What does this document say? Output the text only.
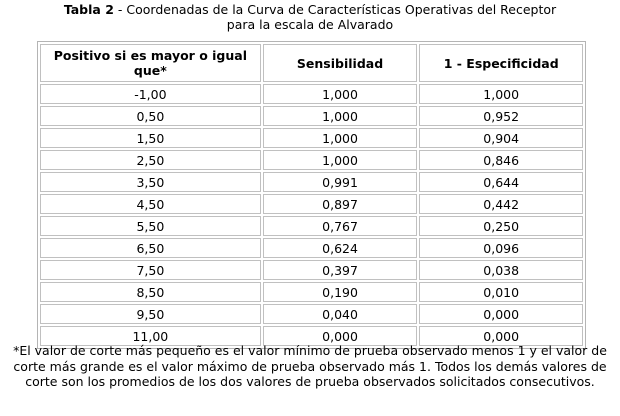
Tabla 2 - Coordenadas de la Curva de Características Operativas del Receptor
para la escala de Alvarado
Positivo si es mayor o igual que*	Sensibilidad	1 - Especificidad
-1,00	1,000	1,000
0,50	1,000	0,952
1,50	1,000	0,904
2,50	1,000	0,846
3,50	0,991	0,644
4,50	0,897	0,442
5,50	0,767	0,250
6,50	0,624	0,096
7,50	0,397	0,038
8,50	0,190	0,010
9,50	0,040	0,000
11,00	0,000	0,000
*El valor de corte más pequeño es el valor mínimo de prueba observado menos 1 y el valor de corte más grande es el valor máximo de prueba observado más 1. Todos los demás valores de corte son los promedios de los dos valores de prueba observados solicitados consecutivos.
